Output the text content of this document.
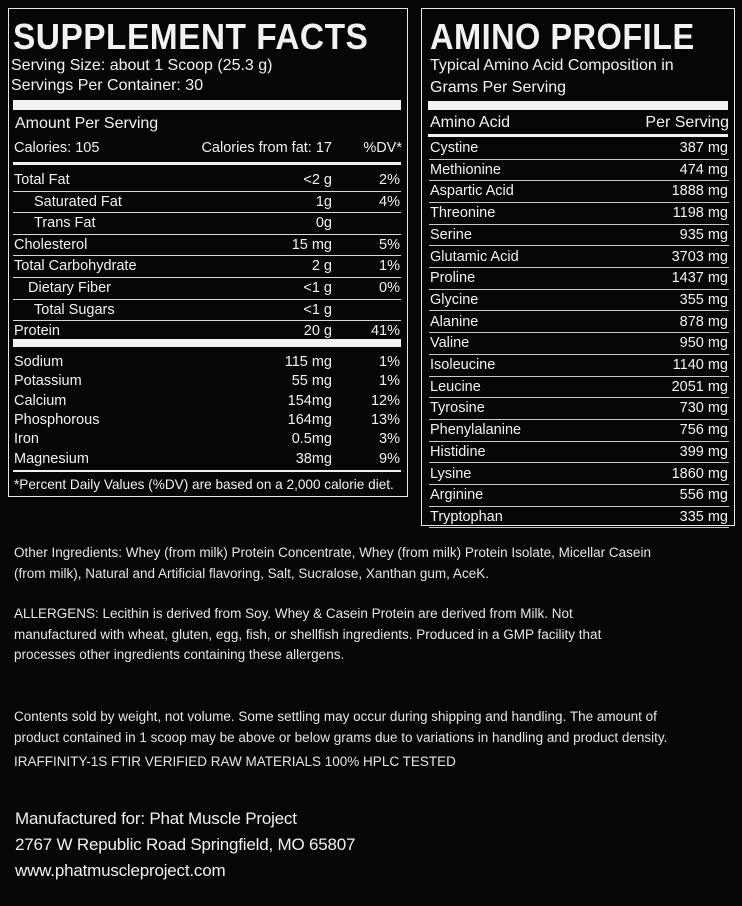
SUPPLEMENT FACTS
Serving Size: about 1 Scoop (25.3 g)
Servings Per Container: 30
Amount Per Serving
Calories: 105	Calories from fat: 17	%DV*
Total Fat	<2 g	2%
Saturated Fat	1g	4%
Trans Fat	0g
Cholesterol	15 mg	5%
Total Carbohydrate	2 g	1%
Dietary Fiber	<1 g	0%
Total Sugars	<1 g
Protein	20 g	41%
Sodium	115 mg	1%
Potassium	55 mg	1%
Calcium	154mg	12%
Phosphorous	164mg	13%
Iron	0.5mg	3%
Magnesium	38mg	9%
*Percent Daily Values (%DV) are based on a 2,000 calorie diet.
AMINO PROFILE
Typical Amino Acid Composition in
Grams Per Serving
Amino Acid	Per Serving
Cystine	387 mg
Methionine	474 mg
Aspartic Acid	1888 mg
Threonine	1198 mg
Serine	935 mg
Glutamic Acid	3703 mg
Proline	1437 mg
Glycine	355 mg
Alanine	878 mg
Valine	950 mg
Isoleucine	1140 mg
Leucine	2051 mg
Tyrosine	730 mg
Phenylalanine	756 mg
Histidine	399 mg
Lysine	1860 mg
Arginine	556 mg
Tryptophan	335 mg
Other Ingredients: Whey (from milk) Protein Concentrate, Whey (from milk) Protein Isolate, Micellar Casein
(from milk), Natural and Artificial flavoring, Salt, Sucralose, Xanthan gum, AceK.
ALLERGENS: Lecithin is derived from Soy. Whey & Casein Protein are derived from Milk. Not
manufactured with wheat, gluten, egg, fish, or shellfish ingredients. Produced in a GMP facility that
processes other ingredients containing these allergens.
Contents sold by weight, not volume. Some settling may occur during shipping and handling. The amount of
product contained in 1 scoop may be above or below grams due to variations in handling and product density.
IRAFFINITY-1S FTIR VERIFIED RAW MATERIALS 100% HPLC TESTED
Manufactured for: Phat Muscle Project
2767 W Republic Road Springfield, MO 65807
www.phatmuscleproject.com
